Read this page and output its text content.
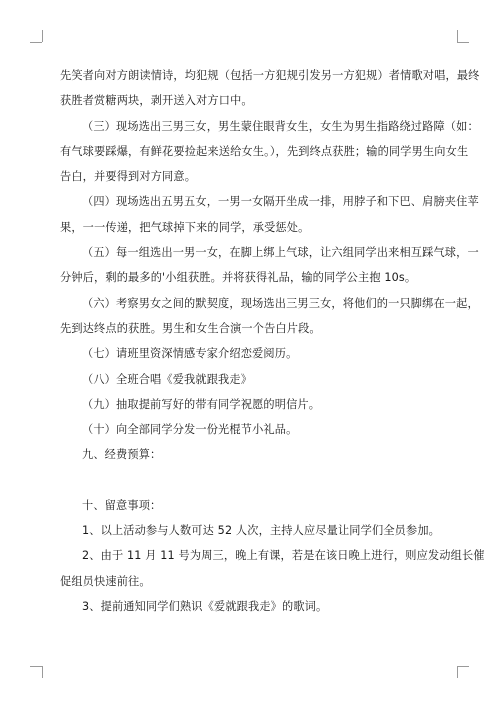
先笑者向对方朗读情诗，均犯规（包括一方犯规引发另一方犯规）者情歌对唱，最终
获胜者赏糖两块，剥开送入对方口中。
（三）现场选出三男三女，男生蒙住眼背女生，女生为男生指路绕过路障（如：
有气球要踩爆，有鲜花要捡起来送给女生。），先到终点获胜；输的同学男生向女生
告白，并要得到对方同意。
（四）现场选出五男五女，一男一女隔开坐成一排，用脖子和下巴、肩膀夹住苹
果，一一传递，把气球掉下来的同学，承受惩处。
（五）每一组选出一男一女，在脚上绑上气球，让六组同学出来相互踩气球，一
分钟后，剩的最多的'小组获胜。并将获得礼品，输的同学公主抱 10s。
（六）考察男女之间的默契度，现场选出三男三女，将他们的一只脚绑在一起，
先到达终点的获胜。男生和女生合演一个告白片段。
（七）请班里资深情感专家介绍恋爱阅历。
（八）全班合唱《爱我就跟我走》
（九）抽取提前写好的带有同学祝愿的明信片。
（十）向全部同学分发一份光棍节小礼品。
九、经费预算：
十、留意事项：
1、以上活动参与人数可达 52 人次，主持人应尽量让同学们全员参加。
2、由于 11 月 11 号为周三，晚上有课，若是在该日晚上进行，则应发动组长催
促组员快速前往。
3、提前通知同学们熟识《爱就跟我走》的歌词。
